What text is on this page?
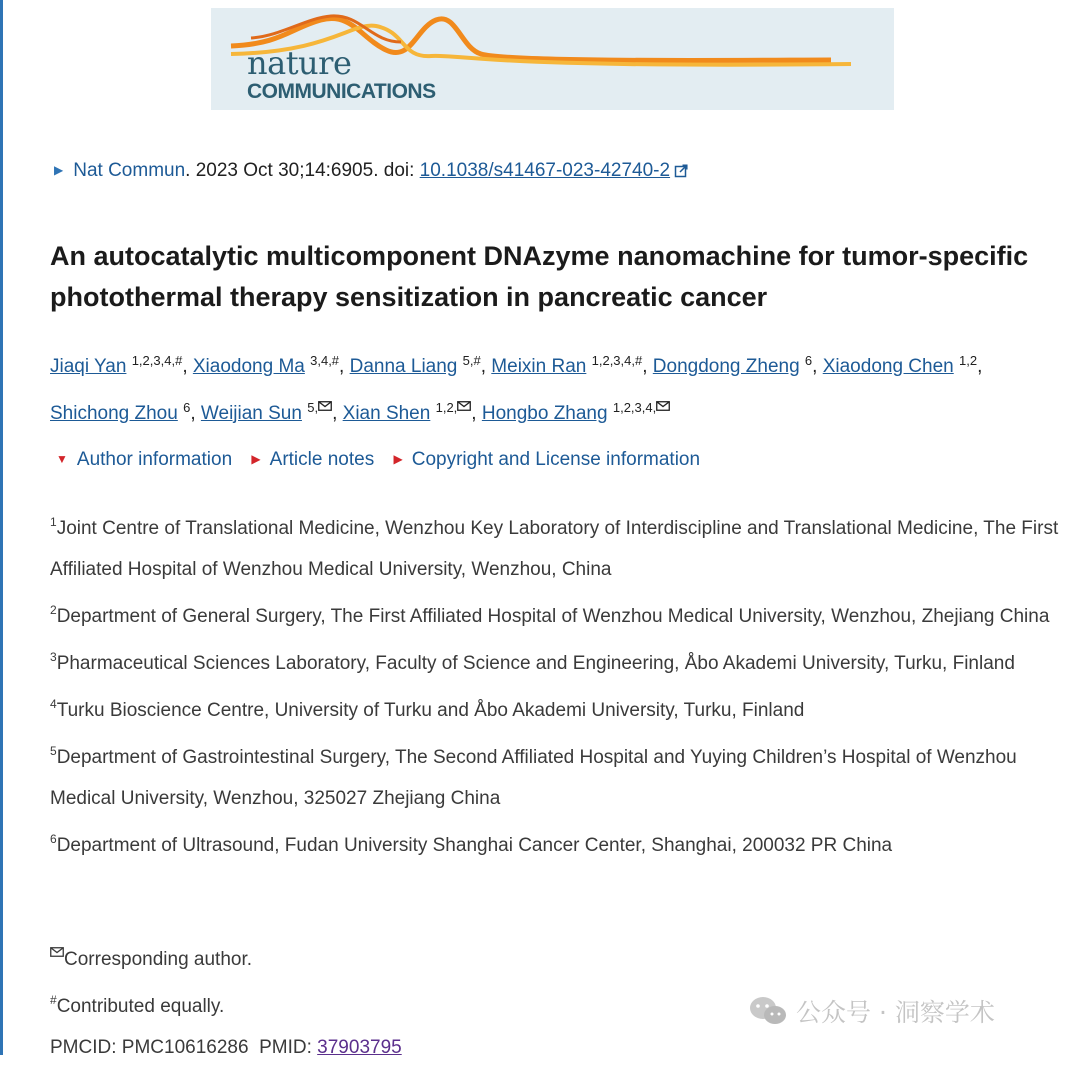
nature
COMMUNICATIONS
▶ Nat Commun. 2023 Oct 30;14:6905. doi: 10.1038/s41467-023-42740-2
An autocatalytic multicomponent DNAzyme nanomachine for tumor-specific photothermal therapy sensitization in pancreatic cancer
Jiaqi Yan $^{1,2,3,4,\#}$, Xiaodong Ma $^{3,4,\#}$, Danna Liang $^{5,\#}$, Meixin Ran $^{1,2,3,4,\#}$, Dongdong Zheng $^6$, Xiaodong Chen $^{1,2}$,
Shichong Zhou $^6$, Weijian Sun $^{5,}$ , Xian Shen $^{1,2,}$ , Hongbo Zhang $^{1,2,3,4,}$
▼ Author information ▶ Article notes ▶ Copyright and License information

$^1$Joint Centre of Translational Medicine, Wenzhou Key Laboratory of Interdiscipline and Translational Medicine, The First Affiliated Hospital of Wenzhou Medical University, Wenzhou, China

$^2$Department of General Surgery, The First Affiliated Hospital of Wenzhou Medical University, Wenzhou, Zhejiang China

$^3$Pharmaceutical Sciences Laboratory, Faculty of Science and Engineering, Åbo Akademi University, Turku, Finland

$^4$Turku Bioscience Centre, University of Turku and Åbo Akademi University, Turku, Finland

$^5$Department of Gastrointestinal Surgery, The Second Affiliated Hospital and Yuying Children’s Hospital of Wenzhou Medical University, Wenzhou, 325027 Zhejiang China

$^6$Department of Ultrasound, Fudan University Shanghai Cancer Center, Shanghai, 200032 PR China

Corresponding author.

#Contributed equally.

PMCID: PMC10616286 PMID: 37903795

公众号 · 洞察学术
